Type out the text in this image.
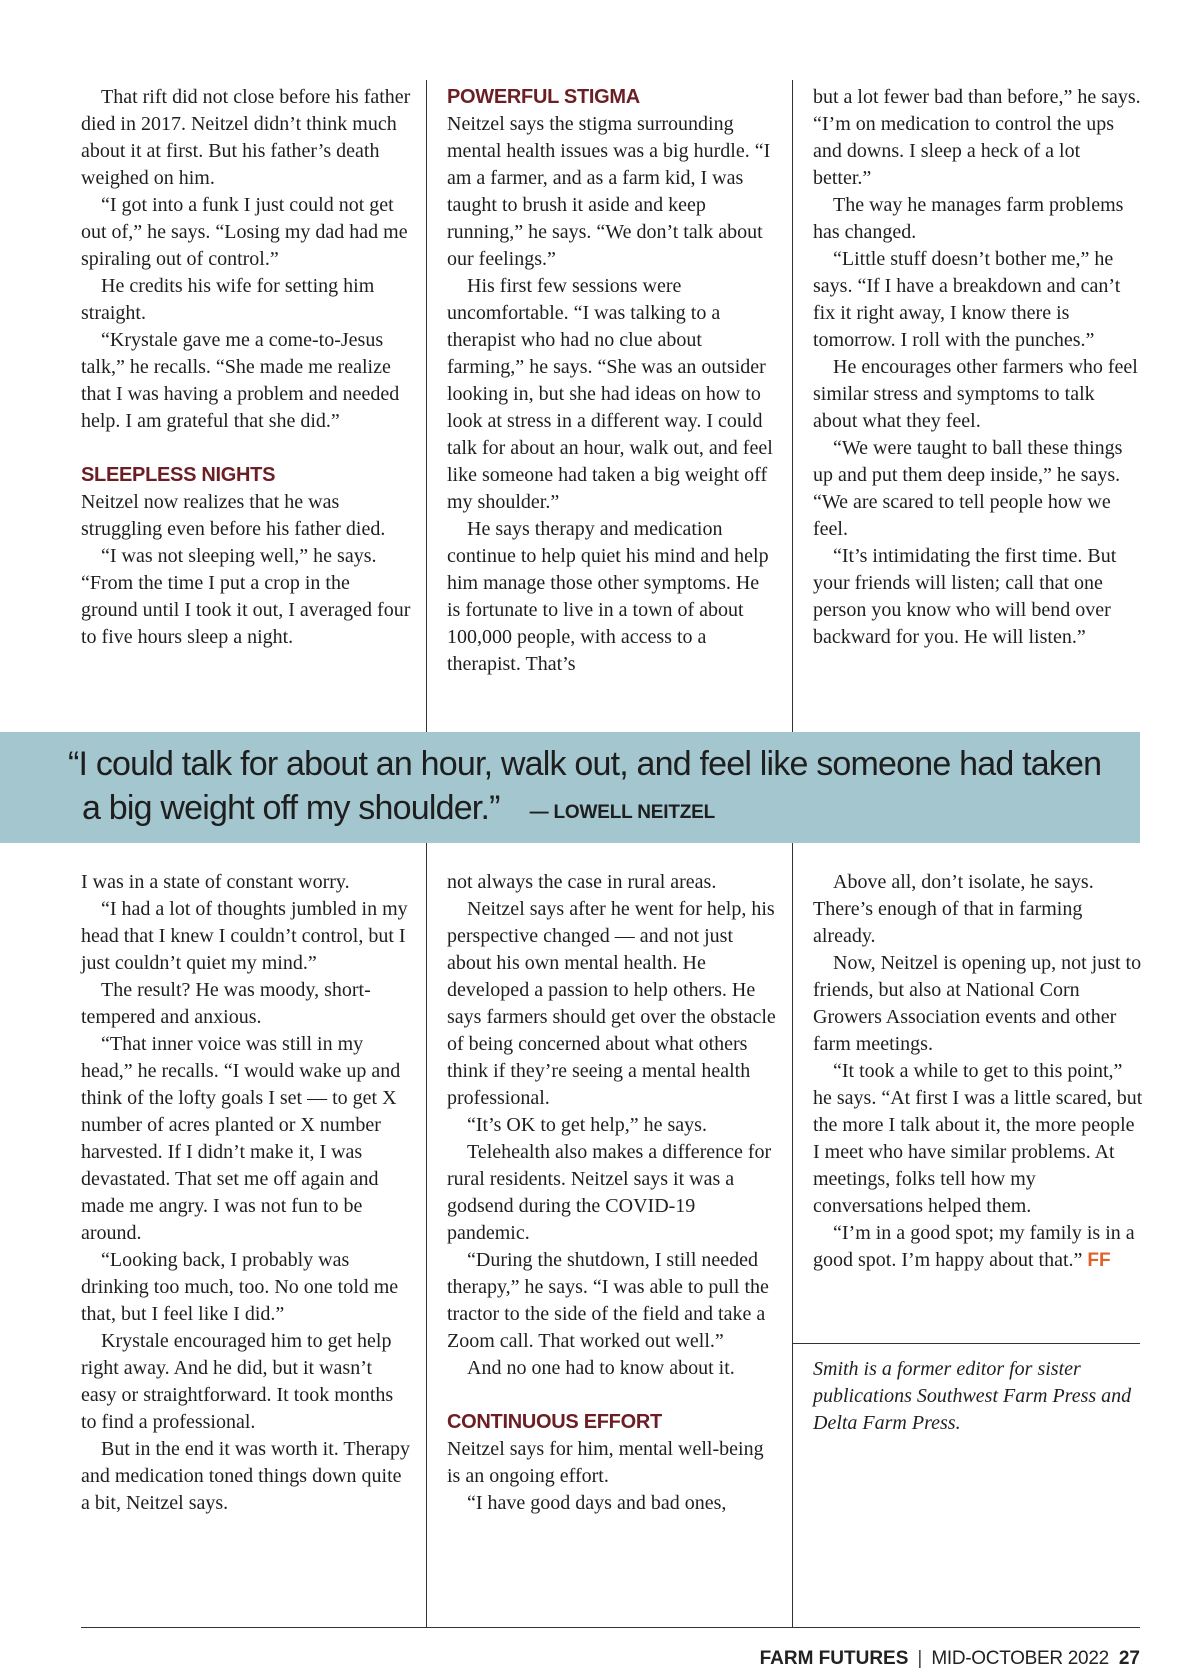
That rift did not close before his father died in 2017. Neitzel didn’t think much about it at first. But his father’s death weighed on him.

“I got into a funk I just could not get out of,” he says. “Losing my dad had me spiraling out of control.”

He credits his wife for setting him straight.

“Krystale gave me a come-to-Jesus talk,” he recalls. “She made me realize that I was having a problem and needed help. I am grateful that she did.”

SLEEPLESS NIGHTS

Neitzel now realizes that he was struggling even before his father died.

“I was not sleeping well,” he says. “From the time I put a crop in the ground until I took it out, I averaged four to five hours sleep a night.

POWERFUL STIGMA

Neitzel says the stigma surrounding mental health issues was a big hurdle. “I am a farmer, and as a farm kid, I was taught to brush it aside and keep running,” he says. “We don’t talk about our feelings.”

His first few sessions were uncomfortable. “I was talking to a therapist who had no clue about farming,” he says. “She was an outsider looking in, but she had ideas on how to look at stress in a different way. I could talk for about an hour, walk out, and feel like someone had taken a big weight off my shoulder.”

He says therapy and medication continue to help quiet his mind and help him manage those other symptoms. He is fortunate to live in a town of about 100,000 people, with access to a therapist. That’s

but a lot fewer bad than before,” he says. “I’m on medication to control the ups and downs. I sleep a heck of a lot better.”

The way he manages farm problems has changed.

“Little stuff doesn’t bother me,” he says. “If I have a breakdown and can’t fix it right away, I know there is tomorrow. I roll with the punches.”

He encourages other farmers who feel similar stress and symptoms to talk about what they feel.

“We were taught to ball these things up and put them deep inside,” he says. “We are scared to tell people how we feel.

“It’s intimidating the first time. But your friends will listen; call that one person you know who will bend over backward for you. He will listen.”

“I could talk for about an hour, walk out, and feel like someone had taken
a big weight off my shoulder.” — LOWELL NEITZEL

I was in a state of constant worry.

“I had a lot of thoughts jumbled in my head that I knew I couldn’t control, but I just couldn’t quiet my mind.”

The result? He was moody, short-tempered and anxious.

“That inner voice was still in my head,” he recalls. “I would wake up and think of the lofty goals I set — to get X number of acres planted or X number harvested. If I didn’t make it, I was devastated. That set me off again and made me angry. I was not fun to be around.

“Looking back, I probably was drinking too much, too. No one told me that, but I feel like I did.”

Krystale encouraged him to get help right away. And he did, but it wasn’t easy or straightforward. It took months to find a professional.

But in the end it was worth it. Therapy and medication toned things down quite a bit, Neitzel says.

not always the case in rural areas.

Neitzel says after he went for help, his perspective changed — and not just about his own mental health. He developed a passion to help others. He says farmers should get over the obstacle of being concerned about what others think if they’re seeing a mental health professional.

“It’s OK to get help,” he says.

Telehealth also makes a difference for rural residents. Neitzel says it was a godsend during the COVID-19 pandemic.

“During the shutdown, I still needed therapy,” he says. “I was able to pull the tractor to the side of the field and take a Zoom call. That worked out well.”

And no one had to know about it.

CONTINUOUS EFFORT

Neitzel says for him, mental well-being is an ongoing effort.

“I have good days and bad ones,

Above all, don’t isolate, he says. There’s enough of that in farming already.

Now, Neitzel is opening up, not just to friends, but also at National Corn Growers Association events and other farm meetings.

“It took a while to get to this point,” he says. “At first I was a little scared, but the more I talk about it, the more people I meet who have similar problems. At meetings, folks tell how my conversations helped them.

“I’m in a good spot; my family is in a good spot. I’m happy about that.” FF

Smith is a former editor for sister publications Southwest Farm Press and Delta Farm Press.

FARM FUTURES | MID-OCTOBER 2022 27
